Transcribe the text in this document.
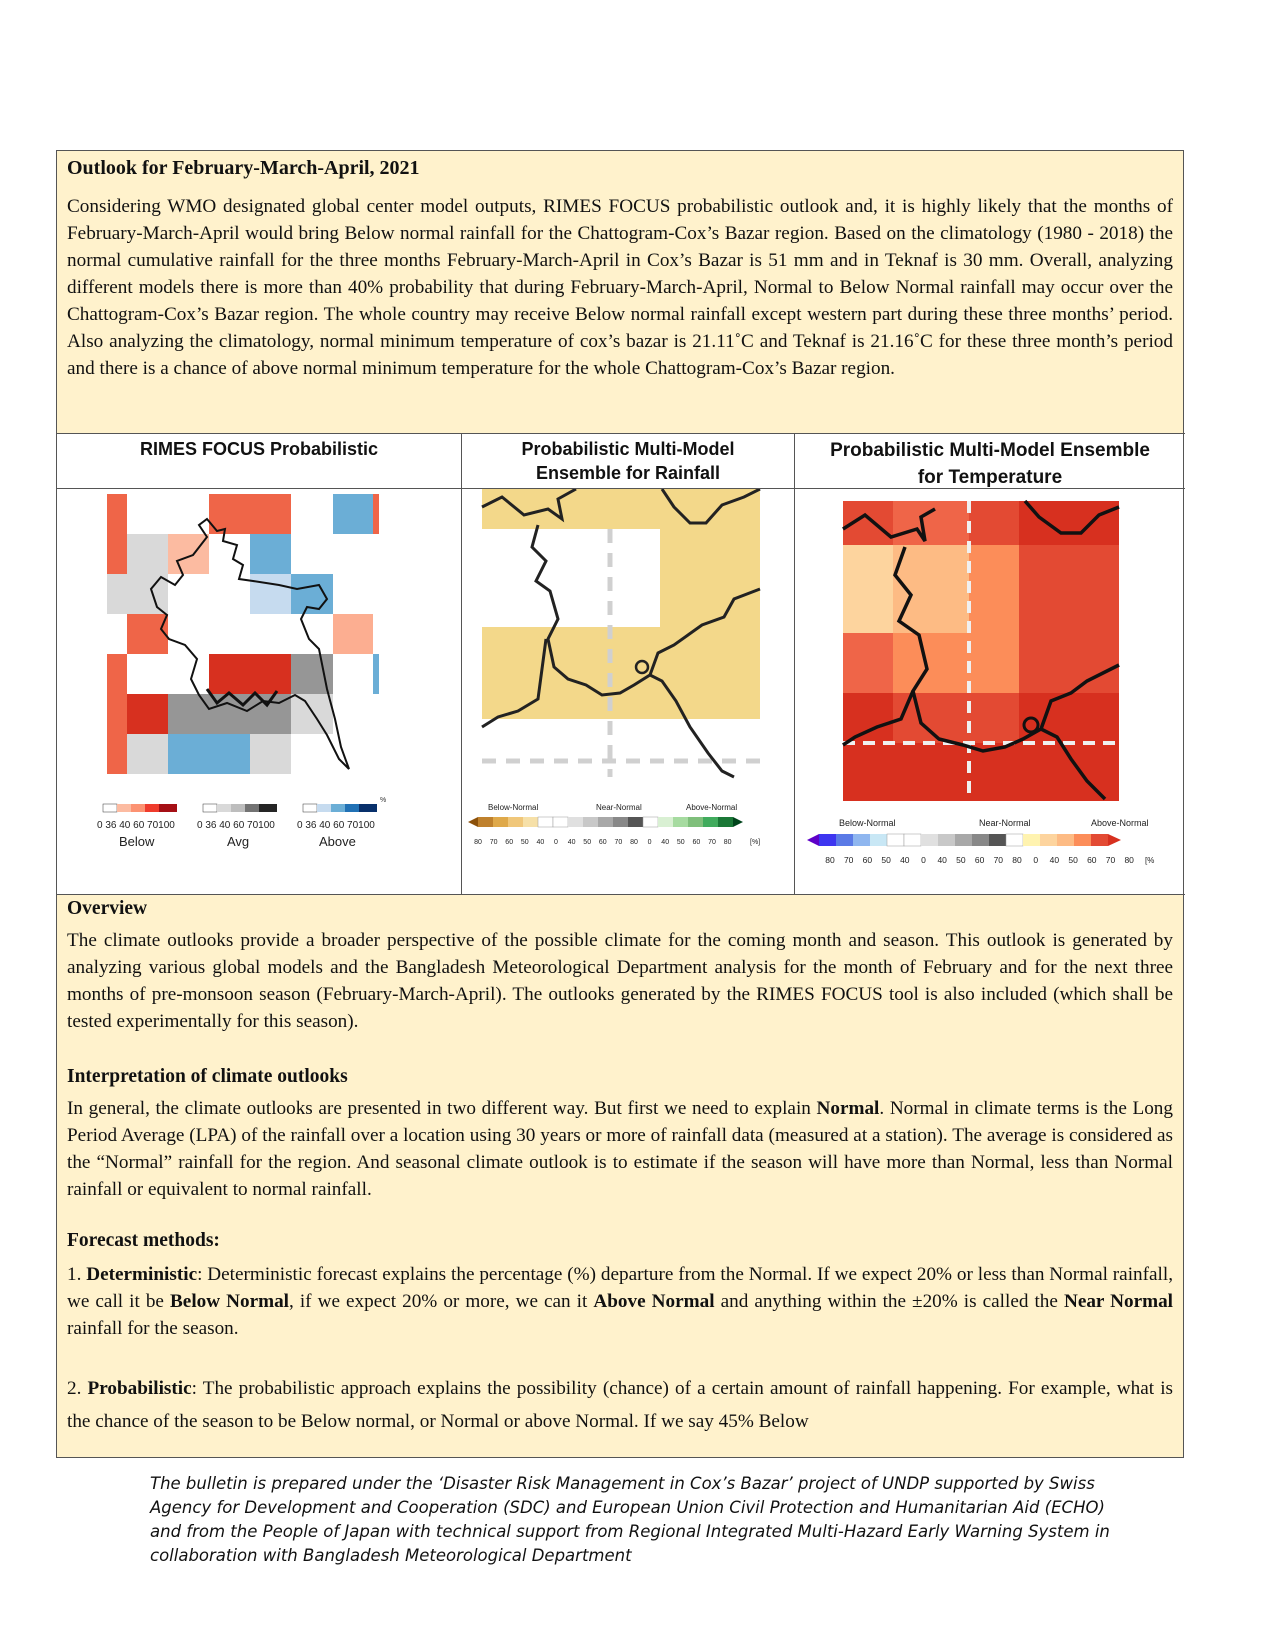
Outlook for February-March-April, 2021

Considering WMO designated global center model outputs, RIMES FOCUS probabilistic outlook and, it is highly likely that the months of February-March-April would bring Below normal rainfall for the Chattogram-Cox’s Bazar region. Based on the climatology (1980 - 2018) the normal cumulative rainfall for the three months February-March-April in Cox’s Bazar is 51 mm and in Teknaf is 30 mm. Overall, analyzing different models there is more than 40% probability that during February-March-April, Normal to Below Normal rainfall may occur over the Chattogram-Cox’s Bazar region. The whole country may receive Below normal rainfall except western part during these three months’ period. Also analyzing the climatology, normal minimum temperature of cox’s bazar is 21.11˚C and Teknaf is 21.16˚C for these three month’s period and there is a chance of above normal minimum temperature for the whole Chattogram-Cox’s Bazar region.

RIMES FOCUS Probabilistic
%
0 36 40 60 70100 0 36 40 60 70100 0 36 40 60 70100
Below	Avg	Above
Probabilistic Multi-Model
Ensemble for Rainfall
Below-Normal	Near-Normal	Above-Normal
80 70 60 50 40 0 40 50 60 70 80 0 40 50 60 70 80	[%]
Probabilistic Multi-Model Ensemble
for Temperature
Below-Normal	Near-Normal	Above-Normal
80 70 60 50 40 0 40 50 60 70 80 0 40 50 60 70 80 [%
Overview

The climate outlooks provide a broader perspective of the possible climate for the coming month and season. This outlook is generated by analyzing various global models and the Bangladesh Meteorological Department analysis for the month of February and for the next three months of pre-monsoon season (February-March-April). The outlooks generated by the RIMES FOCUS tool is also included (which shall be tested experimentally for this season).

Interpretation of climate outlooks

In general, the climate outlooks are presented in two different way. But first we need to explain Normal. Normal in climate terms is the Long Period Average (LPA) of the rainfall over a location using 30 years or more of rainfall data (measured at a station). The average is considered as the “Normal” rainfall for the region. And seasonal climate outlook is to estimate if the season will have more than Normal, less than Normal rainfall or equivalent to normal rainfall.

Forecast methods:

1. Deterministic: Deterministic forecast explains the percentage (%) departure from the Normal. If we expect 20% or less than Normal rainfall, we call it be Below Normal, if we expect 20% or more, we can it Above Normal and anything within the ±20% is called the Near Normal rainfall for the season.

2. Probabilistic: The probabilistic approach explains the possibility (chance) of a certain amount of rainfall happening. For example, what is the chance of the season to be Below normal, or Normal or above Normal. If we say 45% Below

The bulletin is prepared under the ‘Disaster Risk Management in Cox’s Bazar’ project of UNDP supported by Swiss Agency for Development and Cooperation (SDC) and European Union Civil Protection and Humanitarian Aid (ECHO) and from the People of Japan with technical support from Regional Integrated Multi-Hazard Early Warning System in collaboration with Bangladesh Meteorological Department
